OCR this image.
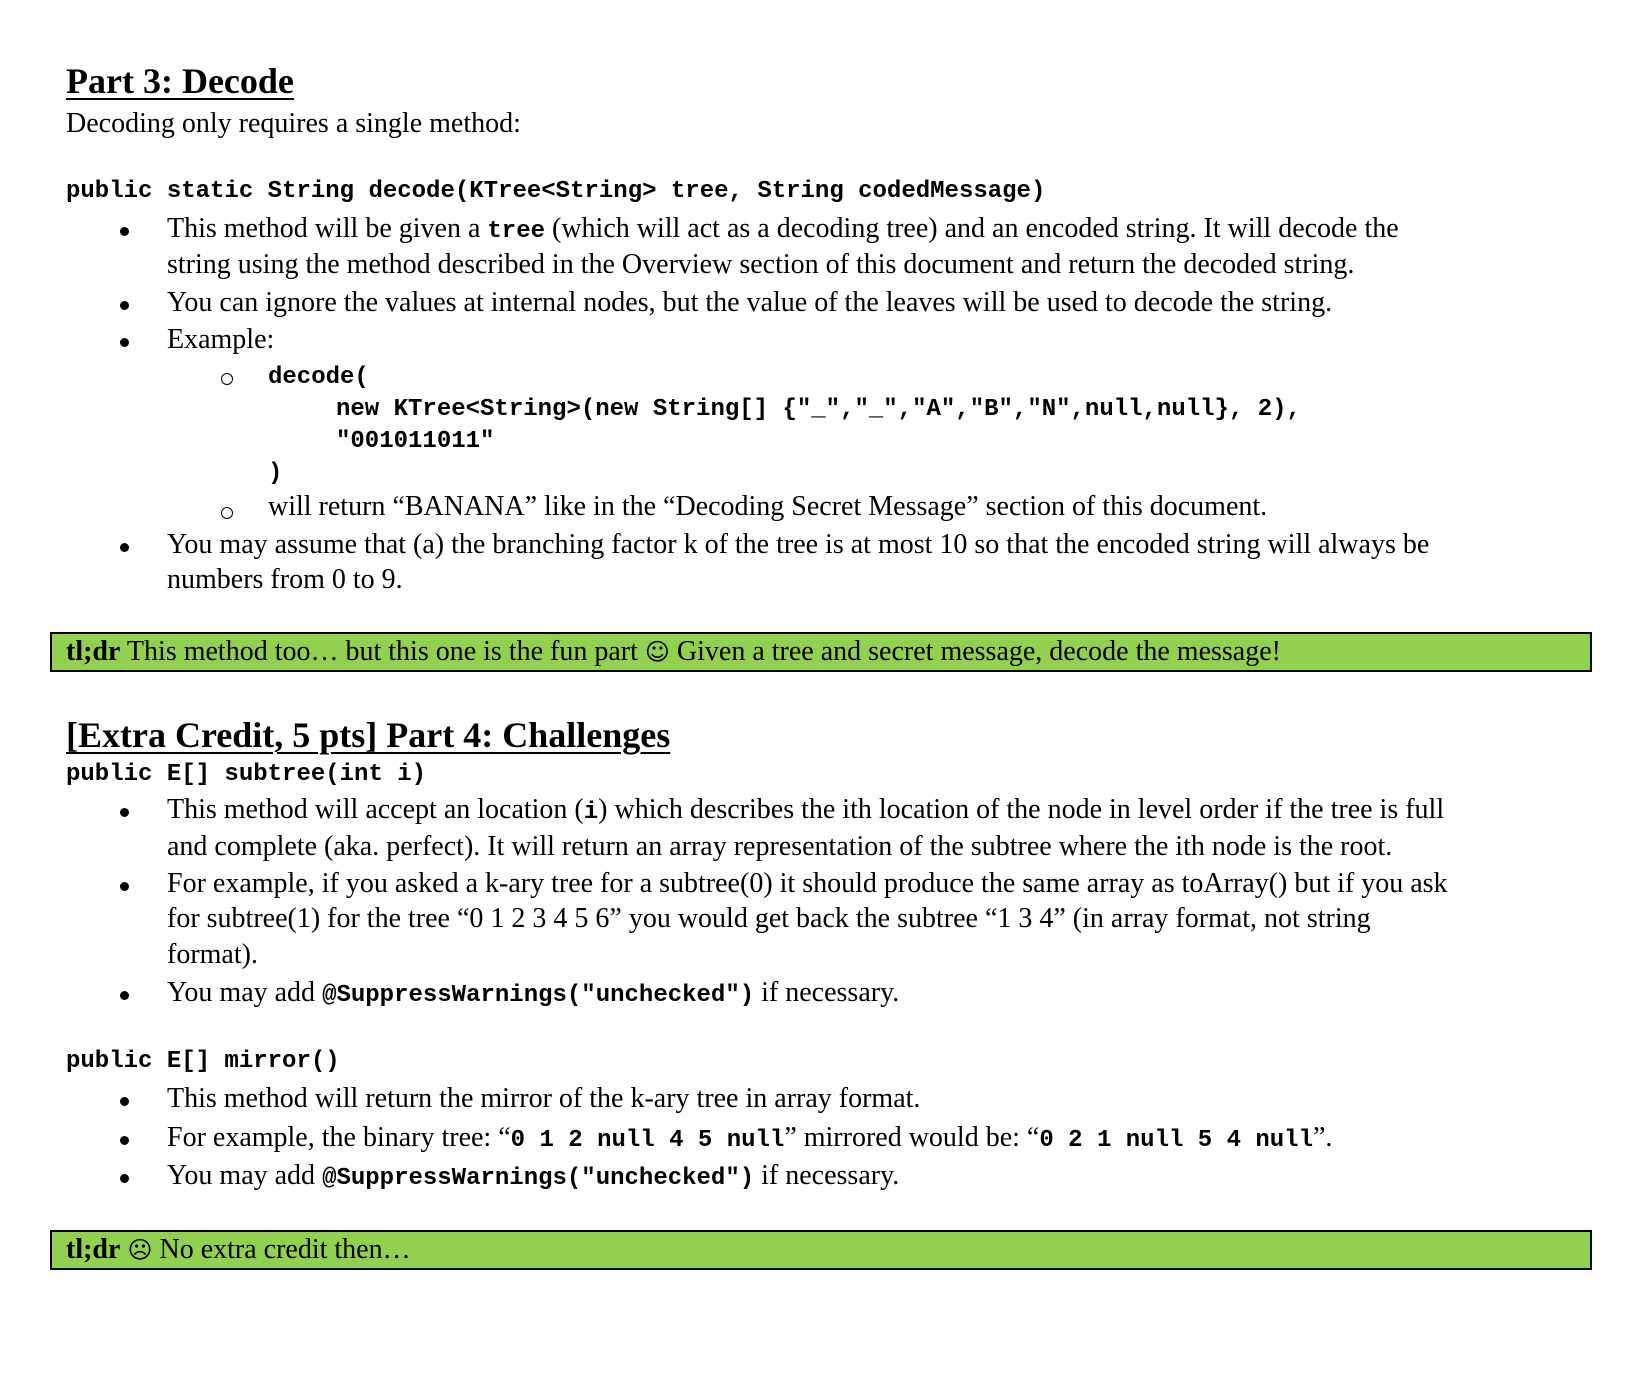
Part 3: Decode
Decoding only requires a single method:
public static String decode(KTree<String> tree, String codedMessage)
This method will be given a tree (which will act as a decoding tree) and an encoded string. It will decode the
string using the method described in the Overview section of this document and return the decoded string.
You can ignore the values at internal nodes, but the value of the leaves will be used to decode the string.
Example:
decode(
new KTree<String>(new String[] {"_","_","A","B","N",null,null}, 2),
"001011011"
)
will return “BANANA” like in the “Decoding Secret Message” section of this document.
You may assume that (a) the branching factor k of the tree is at most 10 so that the encoded string will always be
numbers from 0 to 9.
tl;dr This method too… but this one is the fun part ☺ Given a tree and secret message, decode the message!
[Extra Credit, 5 pts] Part 4: Challenges
public E[] subtree(int i)
This method will accept an location (i) which describes the ith location of the node in level order if the tree is full
and complete (aka. perfect). It will return an array representation of the subtree where the ith node is the root.
For example, if you asked a k-ary tree for a subtree(0) it should produce the same array as toArray() but if you ask
for subtree(1) for the tree “0 1 2 3 4 5 6” you would get back the subtree “1 3 4” (in array format, not string
format).
You may add @SuppressWarnings("unchecked") if necessary.
public E[] mirror()
This method will return the mirror of the k-ary tree in array format.
For example, the binary tree: “0 1 2 null 4 5 null” mirrored would be: “0 2 1 null 5 4 null”.
You may add @SuppressWarnings("unchecked") if necessary.
tl;dr ☹ No extra credit then…
